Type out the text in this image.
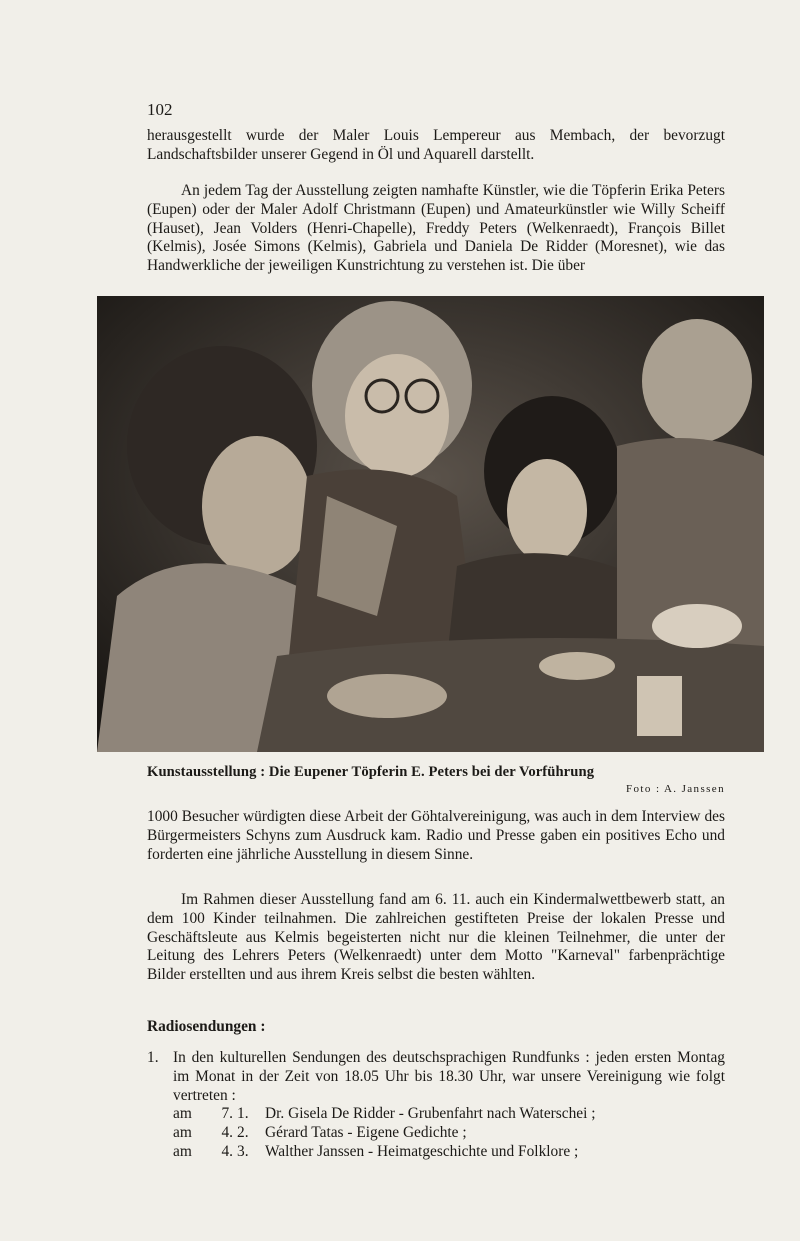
102

herausgestellt wurde der Maler Louis Lempereur aus Membach, der bevorzugt Landschaftsbilder unserer Gegend in Öl und Aquarell darstellt.

An jedem Tag der Ausstellung zeigten namhafte Künstler, wie die Töpferin Erika Peters (Eupen) oder der Maler Adolf Christmann (Eupen) und Amateurkünstler wie Willy Scheiff (Hauset), Jean Volders (Henri-Chapelle), Freddy Peters (Welkenraedt), François Billet (Kelmis), Josée Simons (Kelmis), Gabriela und Daniela De Ridder (Moresnet), wie das Handwerkliche der jeweiligen Kunstrichtung zu verstehen ist. Die über

Kunstausstellung : Die Eupener Töpferin E. Peters bei der Vorführung
Foto : A. Janssen

1000 Besucher würdigten diese Arbeit der Göhtalvereinigung, was auch in dem Interview des Bürgermeisters Schyns zum Ausdruck kam. Radio und Presse gaben ein positives Echo und forderten eine jährliche Ausstellung in diesem Sinne.

Im Rahmen dieser Ausstellung fand am 6. 11. auch ein Kindermalwettbewerb statt, an dem 100 Kinder teilnahmen. Die zahlreichen gestifteten Preise der lokalen Presse und Geschäftsleute aus Kelmis begeisterten nicht nur die kleinen Teilnehmer, die unter der Leitung des Lehrers Peters (Welkenraedt) unter dem Motto "Karneval" farbenprächtige Bilder erstellten und aus ihrem Kreis selbst die besten wählten.

Radiosendungen :
1. In den kulturellen Sendungen des deutschsprachigen Rundfunks : jeden ersten Montag im Monat in der Zeit von 18.05 Uhr bis 18.30 Uhr, war unsere Vereinigung wie folgt vertreten :
am	7. 1.	Dr. Gisela De Ridder - Grubenfahrt nach Waterschei ;
am	4. 2.	Gérard Tatas - Eigene Gedichte ;
am	4. 3.	Walther Janssen - Heimatgeschichte und Folklore ;
